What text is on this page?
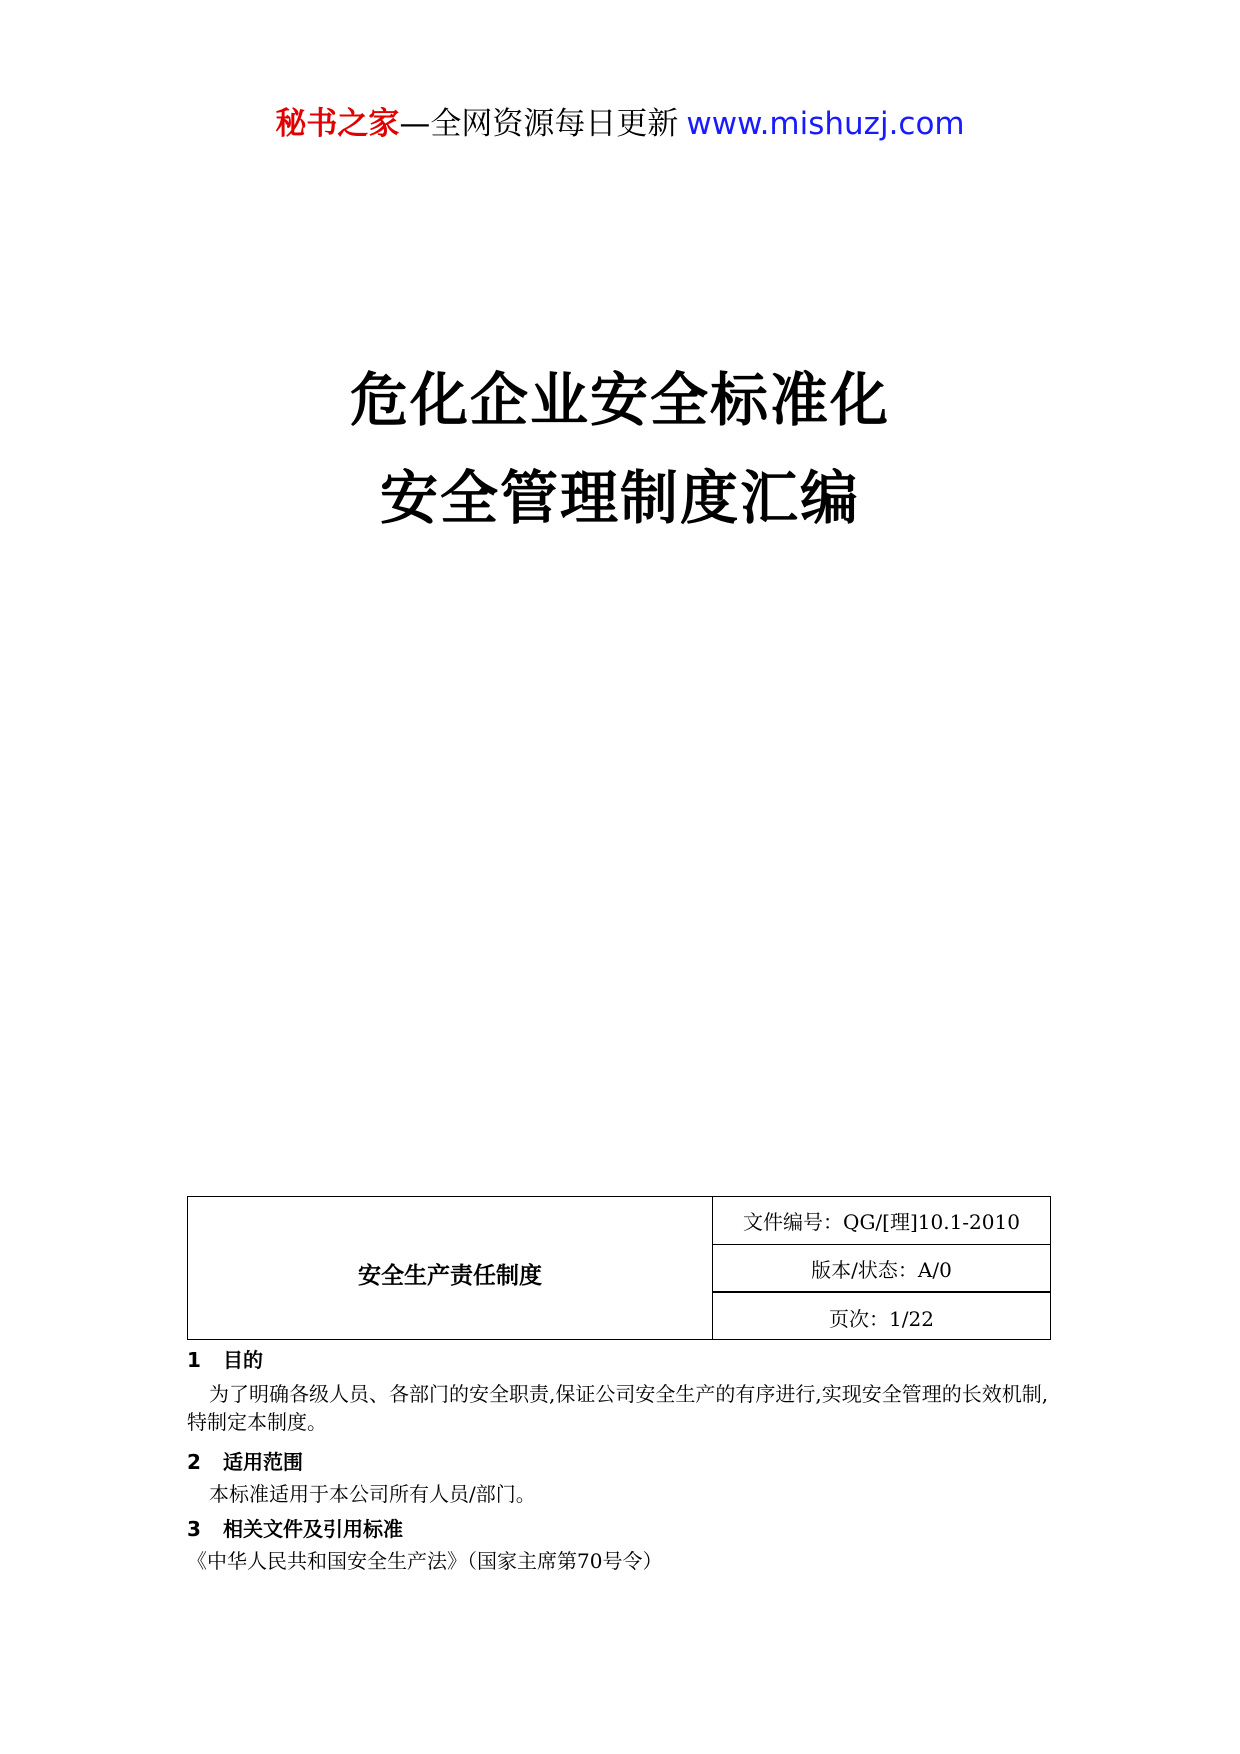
秘书之家—全网资源每日更新 www.mishuzj.com
危化企业安全标准化
安全管理制度汇编
安全生产责任制度
文件编号：QG/[理]10.1-2010
版本/状态：A/0
页次：1/22
1 目的
为了明确各级人员、各部门的安全职责,保证公司安全生产的有序进行,实现安全管理的长效机制,特制定本制度。
2 适用范围
本标准适用于本公司所有人员/部门。
3 相关文件及引用标准
《中华人民共和国安全生产法》（国家主席第70号令）
